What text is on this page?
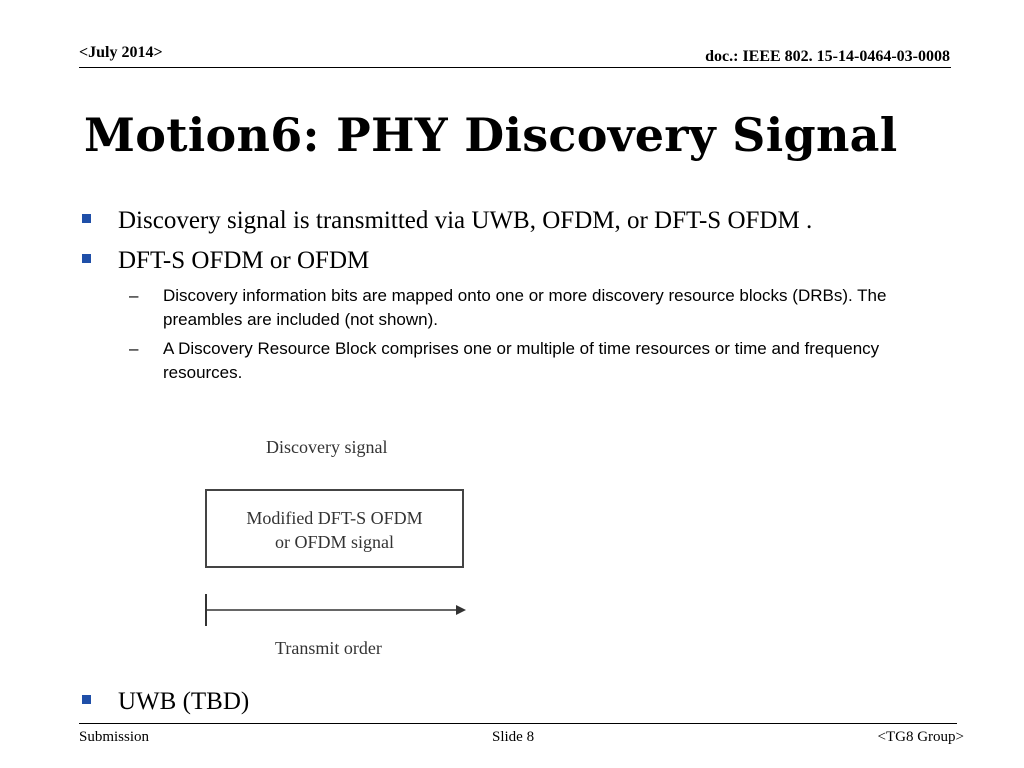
<July 2014>	doc.: IEEE 802. 15-14-0464-03-0008
Motion6: PHY Discovery Signal
Discovery signal is transmitted via UWB, OFDM, or DFT-S OFDM .
DFT-S OFDM or OFDM
– Discovery information bits are mapped onto one or more discovery resource blocks (DRBs). The preambles are included (not shown).
– A Discovery Resource Block comprises one or multiple of time resources or time and frequency resources.
Discovery signal
Modified DFT-S OFDM
or OFDM signal
Transmit order
UWB (TBD)
Submission	Slide 8	<TG8 Group>
